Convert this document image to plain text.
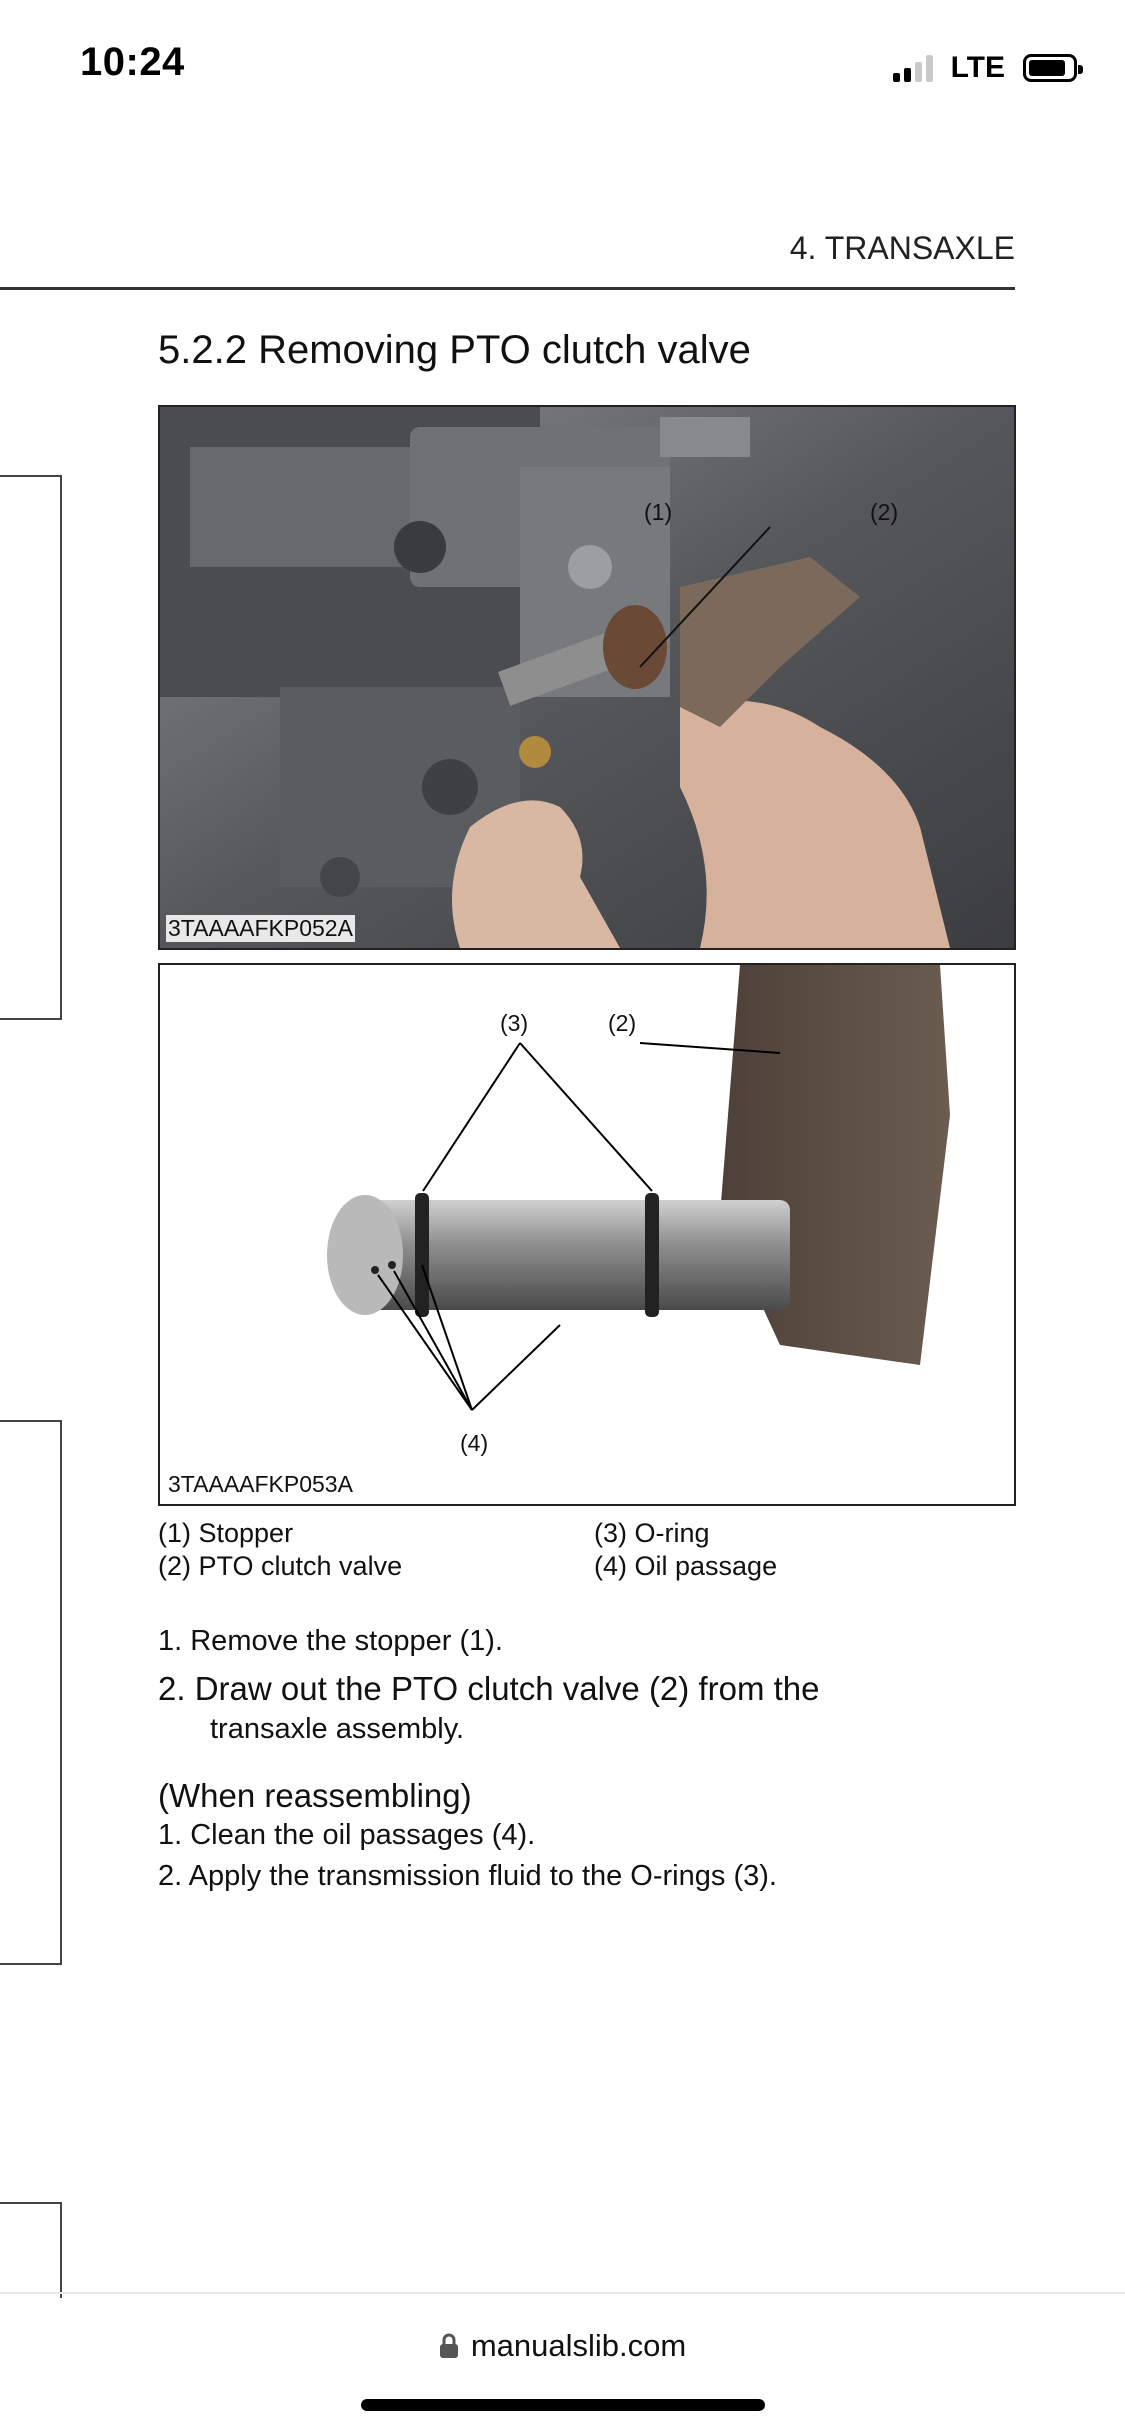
10:24	LTE
4. TRANSAXLE
5.2.2 Removing PTO clutch valve
(1)	(2)
3TAAAAFKP052A
(3)	(2)
(4)
3TAAAAFKP053A
(1) Stopper
(2) PTO clutch valve
(3) O-ring
(4) Oil passage
1. Remove the stopper (1).
2. Draw out the PTO clutch valve (2) from the
transaxle assembly.
(When reassembling)
1. Clean the oil passages (4).
2. Apply the transmission fluid to the O-rings (3).
manualslib.com
